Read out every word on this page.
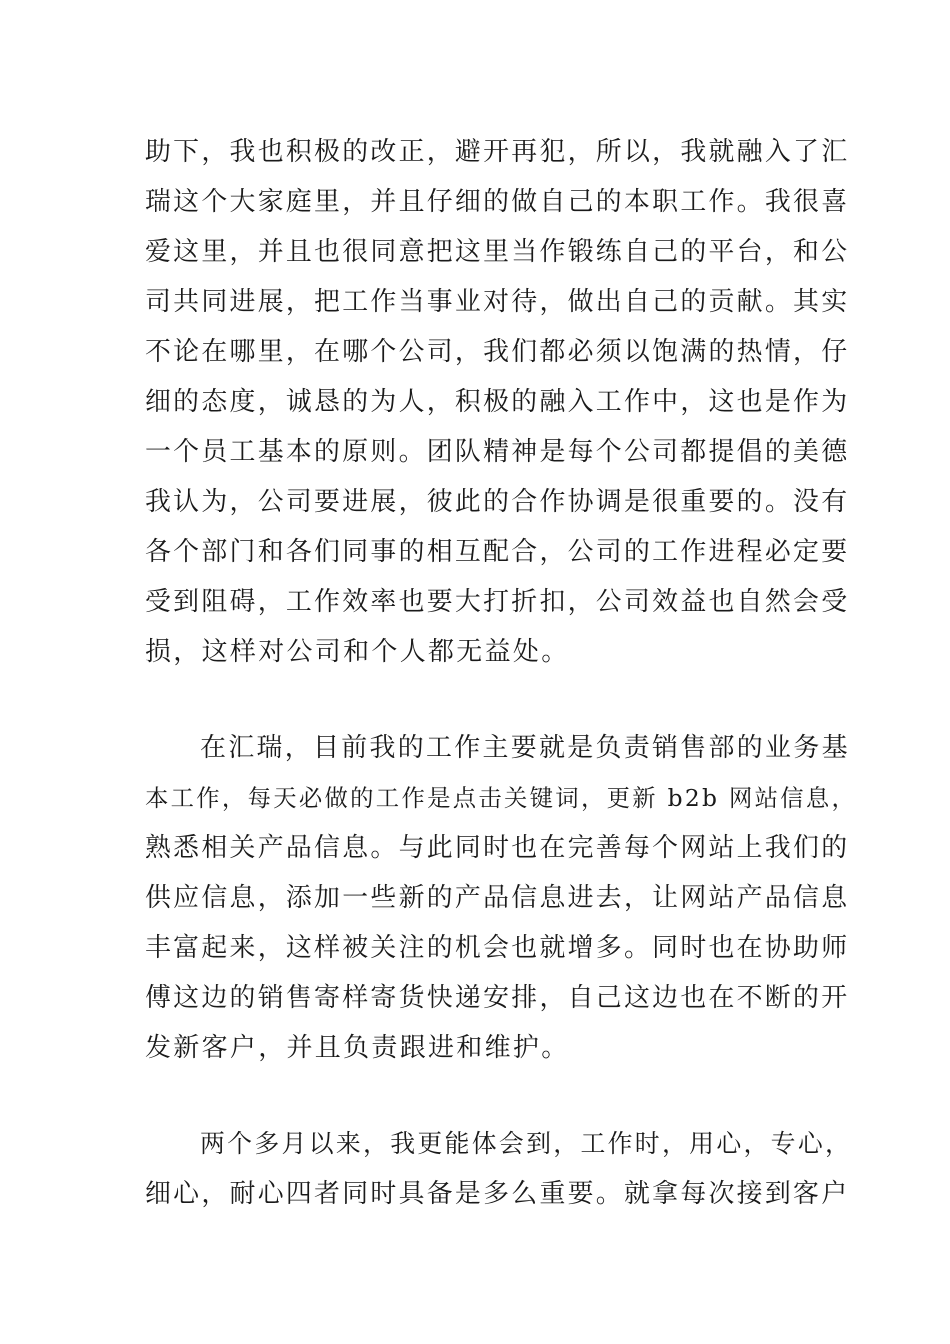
助下，我也积极的改正，避开再犯，所以，我就融入了汇
瑞这个大家庭里，并且仔细的做自己的本职工作。我很喜
爱这里，并且也很同意把这里当作锻练自己的平台，和公
司共同进展，把工作当事业对待，做出自己的贡献。其实
不论在哪里，在哪个公司，我们都必须以饱满的热情，仔
细的态度，诚恳的为人，积极的融入工作中，这也是作为
一个员工基本的原则。团队精神是每个公司都提倡的美德
我认为，公司要进展，彼此的合作协调是很重要的。没有
各个部门和各们同事的相互配合，公司的工作进程必定要
受到阻碍，工作效率也要大打折扣，公司效益也自然会受
损，这样对公司和个人都无益处。
在汇瑞，目前我的工作主要就是负责销售部的业务基
本工作，每天必做的工作是点击关键词，更新 b2b 网站信息，
熟悉相关产品信息。与此同时也在完善每个网站上我们的
供应信息，添加一些新的产品信息进去，让网站产品信息
丰富起来，这样被关注的机会也就增多。同时也在协助师
傅这边的销售寄样寄货快递安排，自己这边也在不断的开
发新客户，并且负责跟进和维护。
两个多月以来，我更能体会到，工作时，用心，专心，
细心，耐心四者同时具备是多么重要。就拿每次接到客户
